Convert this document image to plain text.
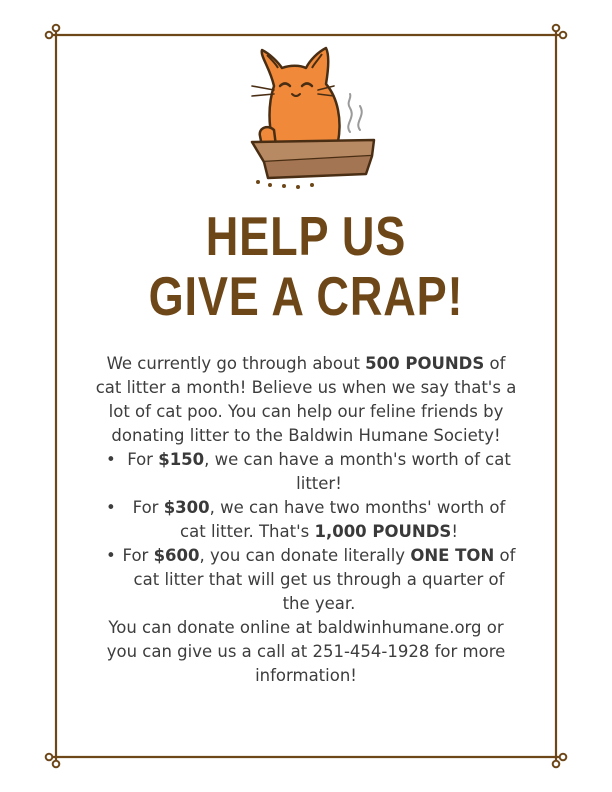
HELP US
GIVE A CRAP!

We currently go through about 500 POUNDS of cat litter a month! Believe us when we say that's a lot of cat poo. You can help our feline friends by donating litter to the Baldwin Humane Society!

• For $150, we can have a month's worth of cat litter!
• For $300, we can have two months' worth of cat litter. That's 1,000 POUNDS!
• For $600, you can donate literally ONE TON of cat litter that will get us through a quarter of the year.

You can donate online at baldwinhumane.org or you can give us a call at 251-454-1928 for more information!
